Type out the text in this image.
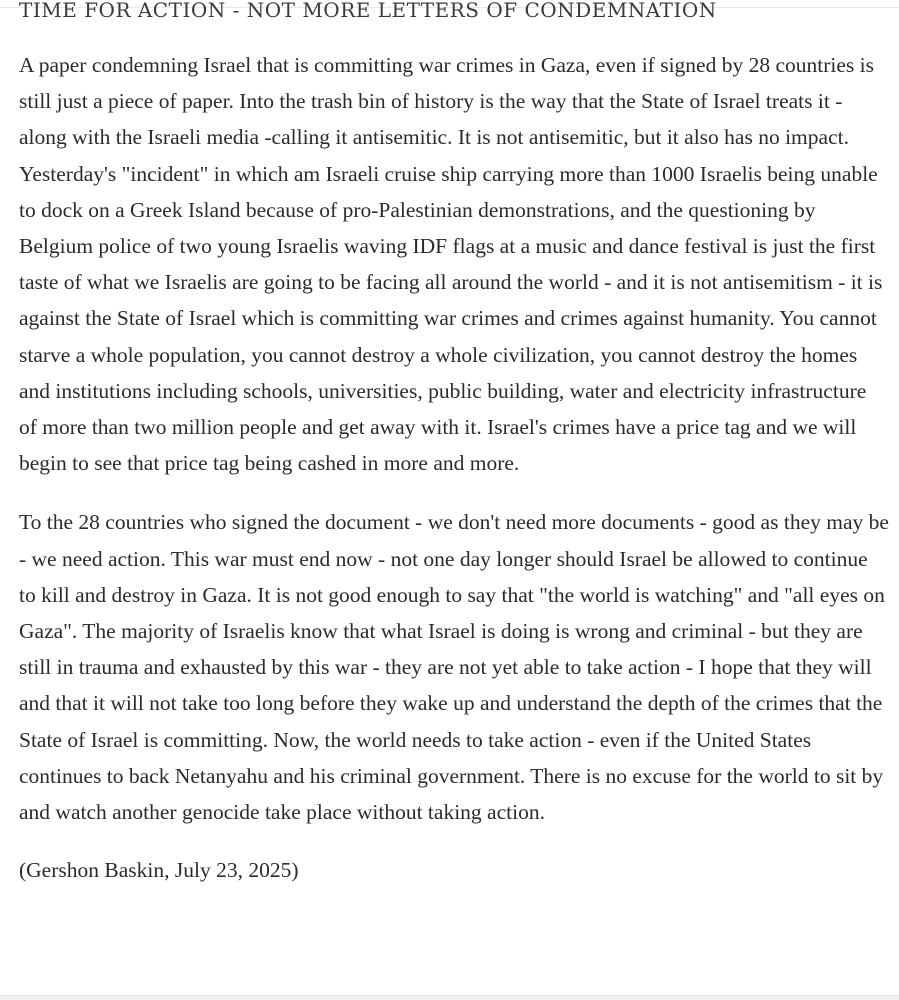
TIME FOR ACTION - NOT MORE LETTERS OF CONDEMNATION

A paper condemning Israel that is committing war crimes in Gaza, even if signed by 28 countries is still just a piece of paper. Into the trash bin of history is the way that the State of Israel treats it - along with the Israeli media -calling it antisemitic. It is not antisemitic, but it also has no impact. Yesterday's "incident" in which am Israeli cruise ship carrying more than 1000 Israelis being unable to dock on a Greek Island because of pro-Palestinian demonstrations, and the questioning by Belgium police of two young Israelis waving IDF flags at a music and dance festival is just the first taste of what we Israelis are going to be facing all around the world - and it is not antisemitism - it is against the State of Israel which is committing war crimes and crimes against humanity. You cannot starve a whole population, you cannot destroy a whole civilization, you cannot destroy the homes and institutions including schools, universities, public building, water and electricity infrastructure of more than two million people and get away with it. Israel's crimes have a price tag and we will begin to see that price tag being cashed in more and more.

To the 28 countries who signed the document - we don't need more documents - good as they may be - we need action. This war must end now - not one day longer should Israel be allowed to continue to kill and destroy in Gaza. It is not good enough to say that "the world is watching" and "all eyes on Gaza". The majority of Israelis know that what Israel is doing is wrong and criminal - but they are still in trauma and exhausted by this war - they are not yet able to take action - I hope that they will and that it will not take too long before they wake up and understand the depth of the crimes that the State of Israel is committing. Now, the world needs to take action - even if the United States continues to back Netanyahu and his criminal government. There is no excuse for the world to sit by and watch another genocide take place without taking action.

(Gershon Baskin, July 23, 2025)
